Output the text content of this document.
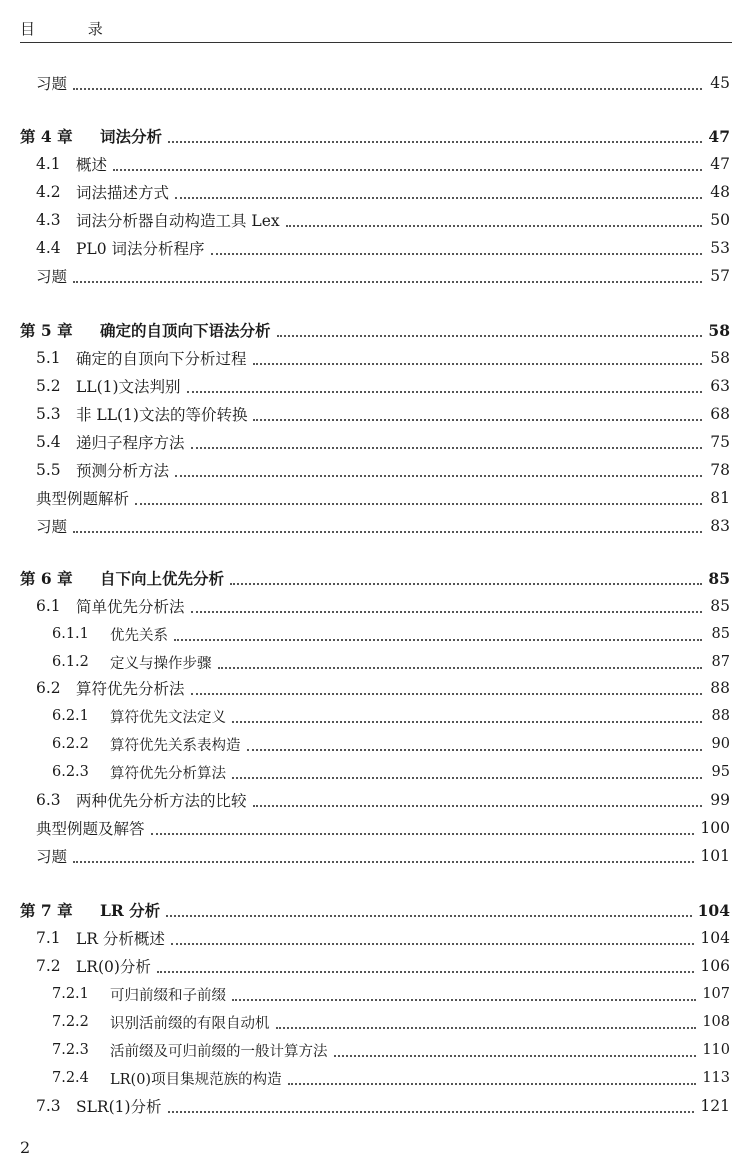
目 录
习题	45
第 4 章	词法分析	47
4.1 概述	47
4.2 词法描述方式	48
4.3 词法分析器自动构造工具 Lex	50
4.4 PL0 词法分析程序	53
习题	57
第 5 章	确定的自顶向下语法分析	58
5.1 确定的自顶向下分析过程	58
5.2 LL(1)文法判别	63
5.3 非 LL(1)文法的等价转换	68
5.4 递归子程序方法	75
5.5 预测分析方法	78
典型例题解析	81
习题	83
第 6 章	自下向上优先分析	85
6.1 简单优先分析法	85
6.1.1	优先关系	85
6.1.2	定义与操作步骤	87
6.2 算符优先分析法	88
6.2.1	算符优先文法定义	88
6.2.2	算符优先关系表构造	90
6.2.3	算符优先分析算法	95
6.3 两种优先分析方法的比较	99
典型例题及解答	100
习题	101
第 7 章	LR 分析	104
7.1 LR 分析概述	104
7.2 LR(0)分析	106
7.2.1	可归前缀和子前缀	107
7.2.2	识别活前缀的有限自动机	108
7.2.3	活前缀及可归前缀的一般计算方法	110
7.2.4	LR(0)项目集规范族的构造	113
7.3 SLR(1)分析	121
2
